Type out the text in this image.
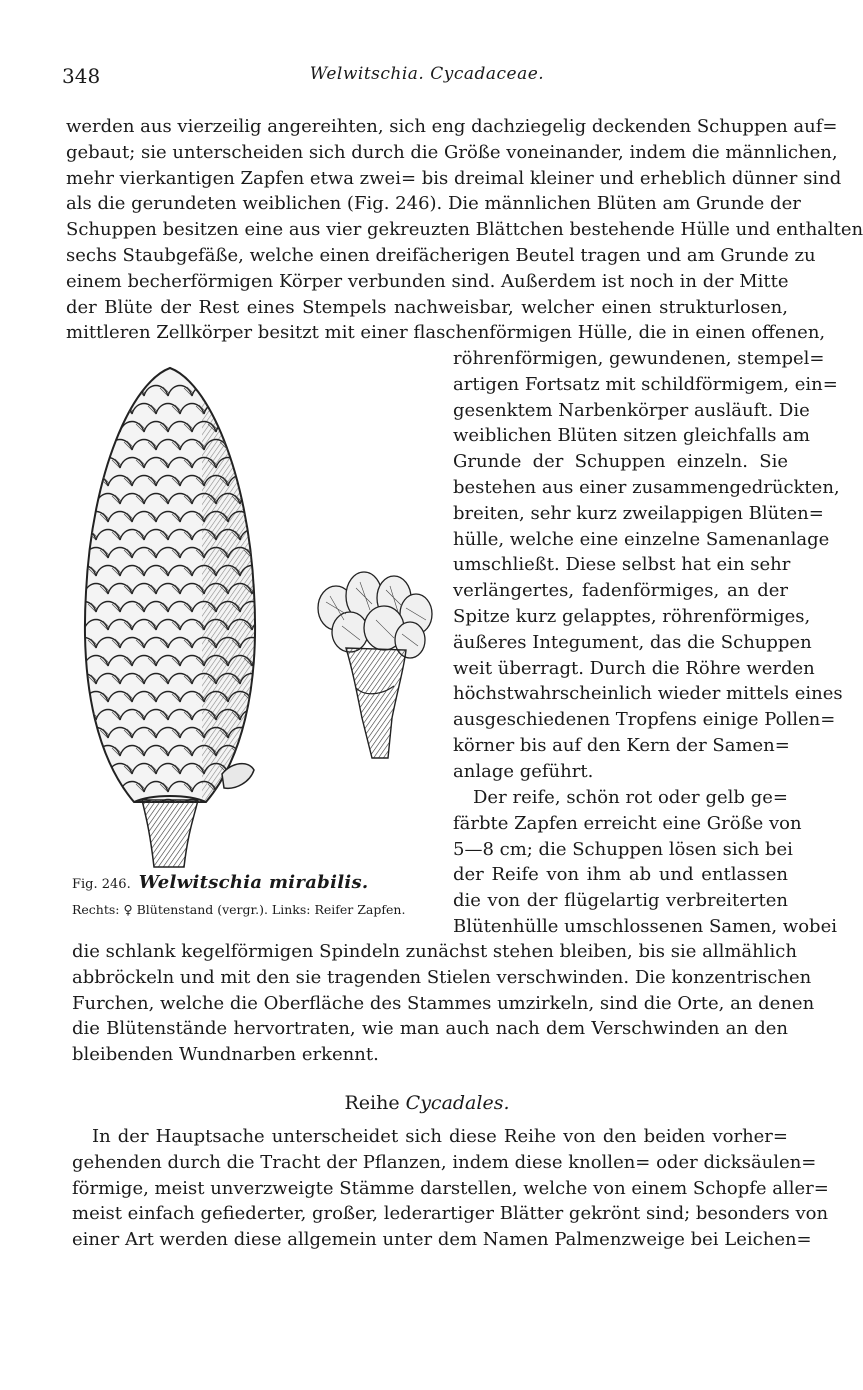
348	Welwitschia. Cycadaceae.
werden aus vierzeilig angereihten, sich eng dachziegelig deckenden Schuppen auf=
gebaut; sie unterscheiden sich durch die Größe voneinander, indem die männlichen,
mehr vierkantigen Zapfen etwa zwei= bis dreimal kleiner und erheblich dünner sind
als die gerundeten weiblichen (Fig. 246). Die männlichen Blüten am Grunde der
Schuppen besitzen eine aus vier gekreuzten Blättchen bestehende Hülle und enthalten
sechs Staubgefäße, welche einen dreifächerigen Beutel tragen und am Grunde zu
einem becherförmigen Körper verbunden sind. Außerdem ist noch in der Mitte
der Blüte der Rest eines Stempels nachweisbar, welcher einen strukturlosen,
mittleren Zellkörper besitzt mit einer flaschenförmigen Hülle, die in einen offenen,
röhrenförmigen, gewundenen, stempel=
artigen Fortsatz mit schildförmigem, ein=
gesenktem Narbenkörper ausläuft. Die
weiblichen Blüten sitzen gleichfalls am
Grunde der Schuppen einzeln. Sie
bestehen aus einer zusammengedrückten,
breiten, sehr kurz zweilappigen Blüten=
hülle, welche eine einzelne Samenanlage
umschließt. Diese selbst hat ein sehr
verlängertes, fadenförmiges, an der
Spitze kurz gelapptes, röhrenförmiges,
äußeres Integument, das die Schuppen
weit überragt. Durch die Röhre werden
höchstwahrscheinlich wieder mittels eines
ausgeschiedenen Tropfens einige Pollen=
körner bis auf den Kern der Samen=
anlage geführt.
Der reife, schön rot oder gelb ge=
färbte Zapfen erreicht eine Größe von
5—8 cm; die Schuppen lösen sich bei
der Reife von ihm ab und entlassen
die von der flügelartig verbreiterten
Blütenhülle umschlossenen Samen, wobei
die schlank kegelförmigen Spindeln zunächst stehen bleiben, bis sie allmählich
abbröckeln und mit den sie tragenden Stielen verschwinden. Die konzentrischen
Furchen, welche die Oberfläche des Stammes umzirkeln, sind die Orte, an denen
die Blütenstände hervortraten, wie man auch nach dem Verschwinden an den
bleibenden Wundnarben erkennt.
Fig. 246. Welwitschia mirabilis.
Rechts: ♀ Blütenstand (vergr.). Links: Reifer Zapfen.
Reihe Cycadales.
In der Hauptsache unterscheidet sich diese Reihe von den beiden vorher=
gehenden durch die Tracht der Pflanzen, indem diese knollen= oder dicksäulen=
förmige, meist unverzweigte Stämme darstellen, welche von einem Schopfe aller=
meist einfach gefiederter, großer, lederartiger Blätter gekrönt sind; besonders von
einer Art werden diese allgemein unter dem Namen Palmenzweige bei Leichen=
